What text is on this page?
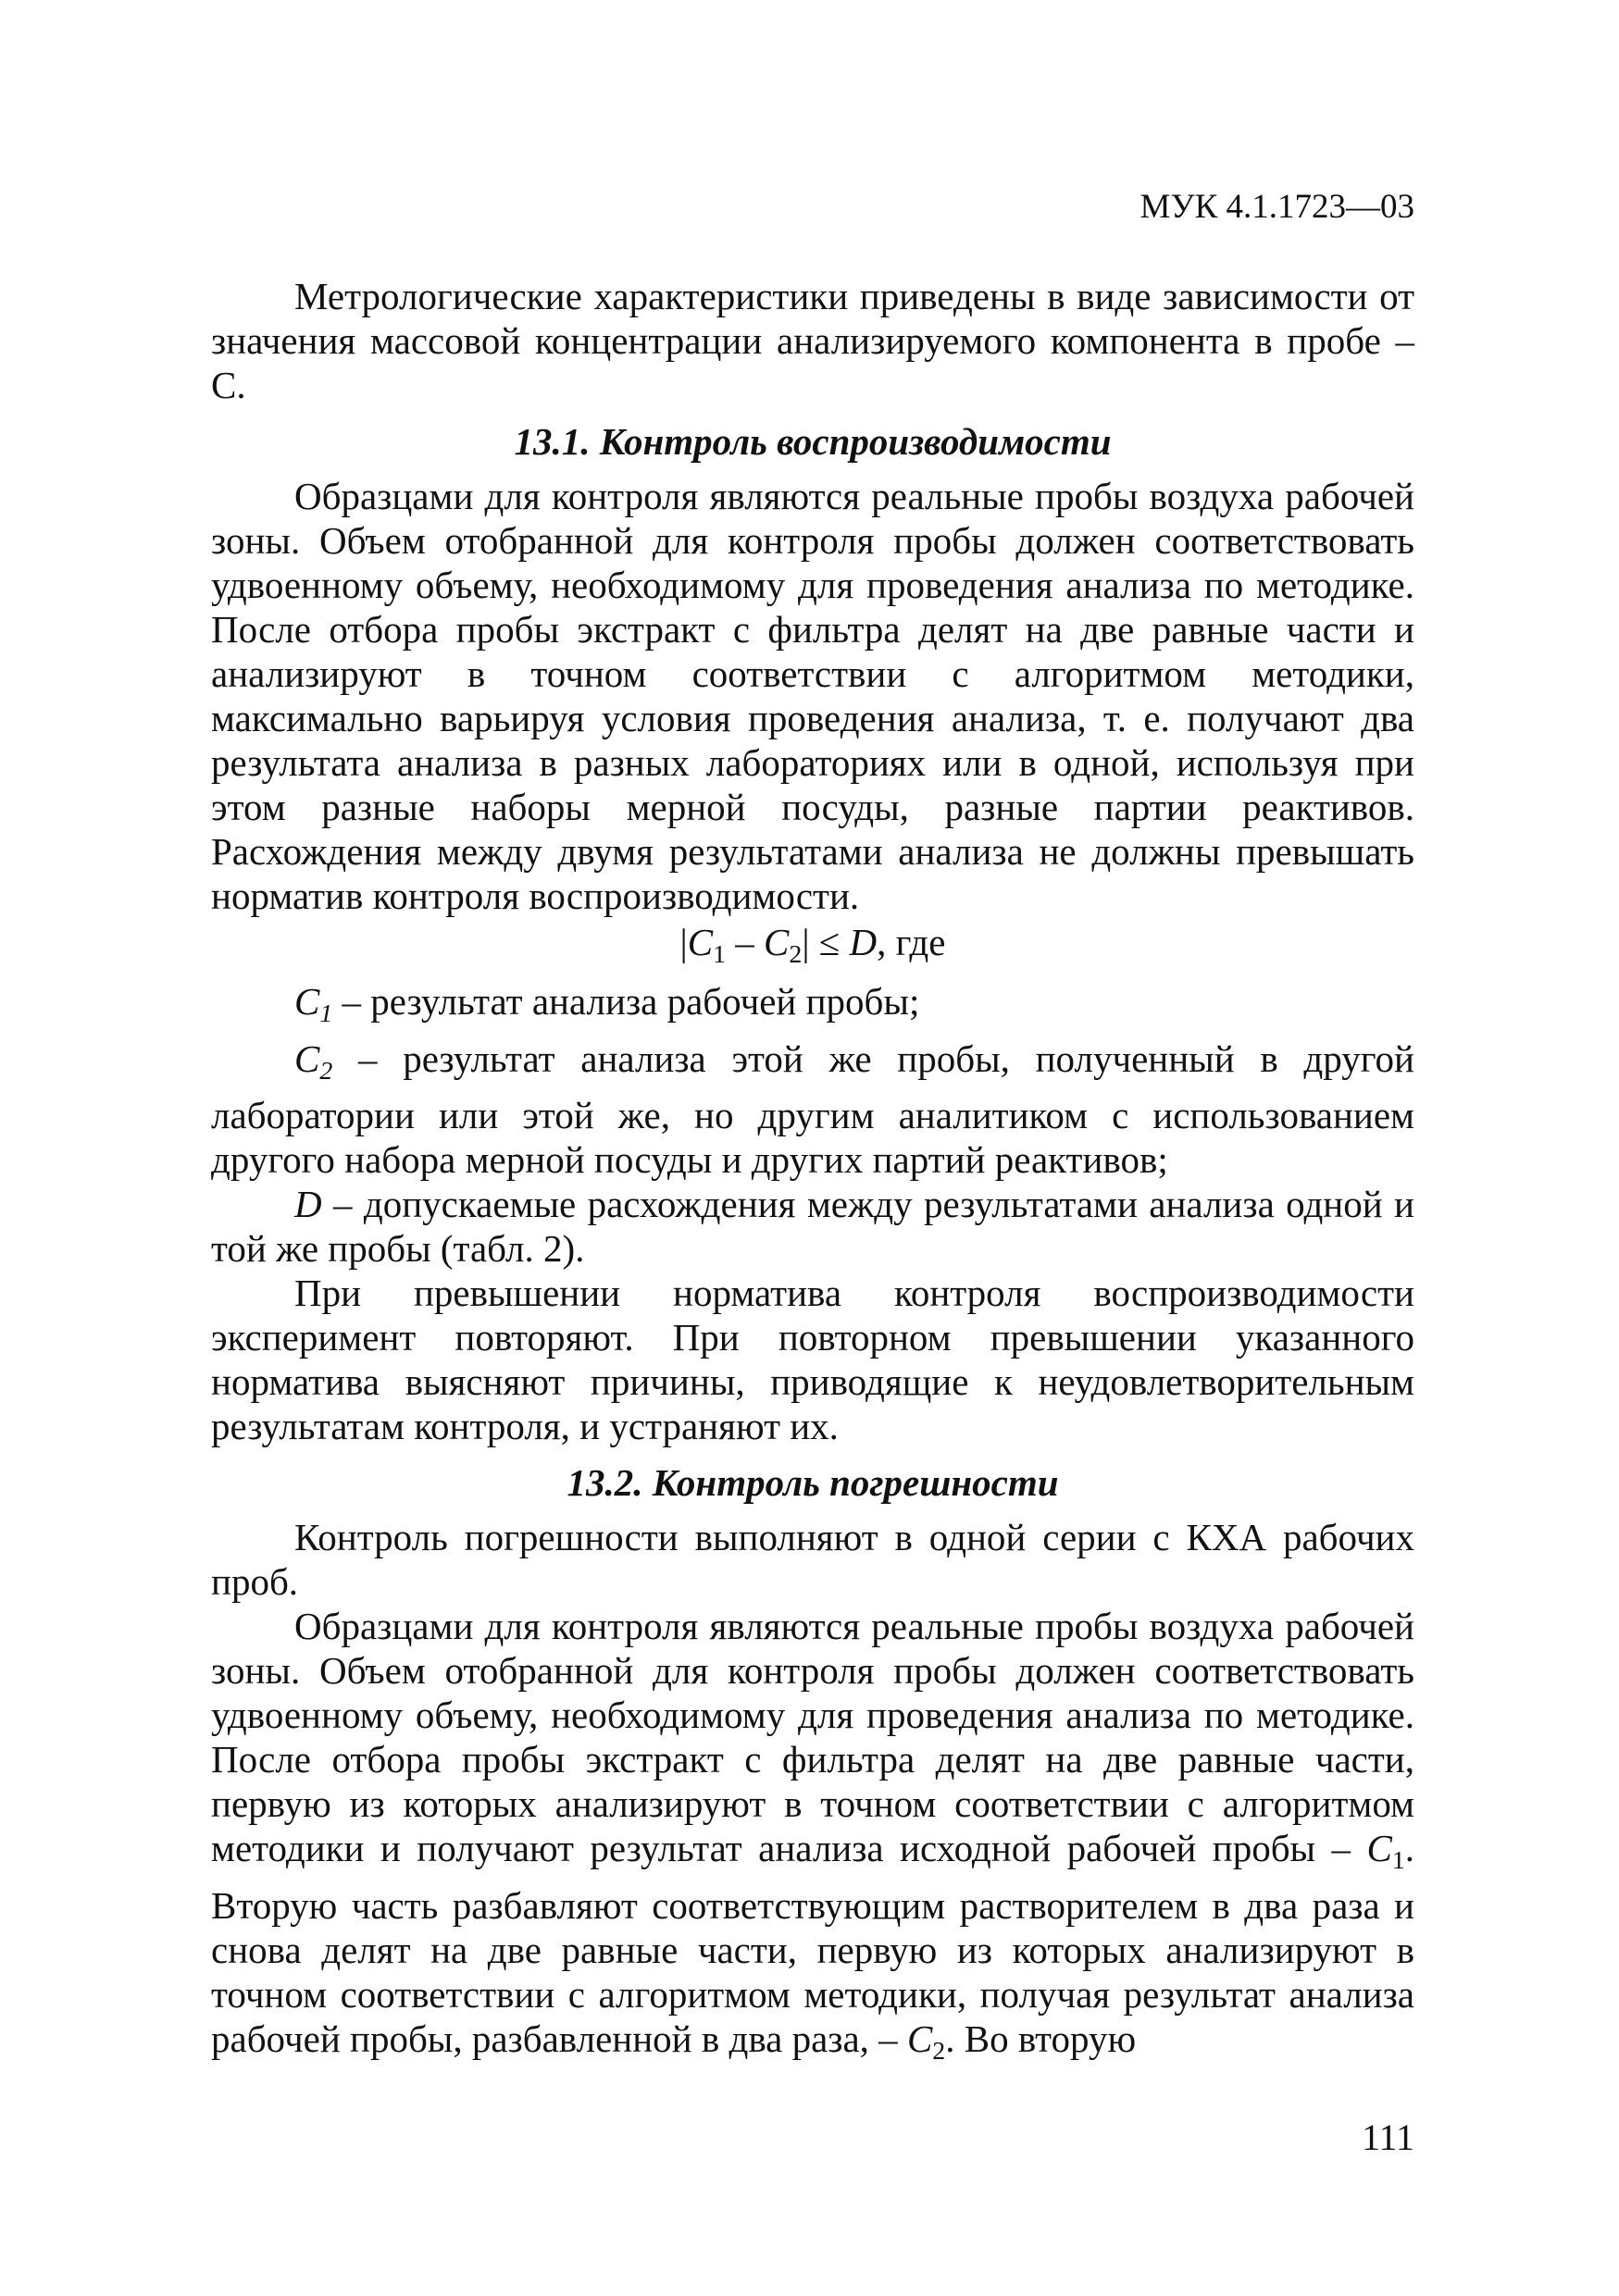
МУК 4.1.1723—03

Метрологические характеристики приведены в виде зависимости от значения массовой концентрации анализируемого компонента в пробе – С.

13.1. Контроль воспроизводимости

Образцами для контроля являются реальные пробы воздуха рабочей зоны. Объем отобранной для контроля пробы должен соответствовать удвоенному объему, необходимому для проведения анализа по методике. После отбора пробы экстракт с фильтра делят на две равные части и анализируют в точном соответствии с алгоритмом методики, максимально варьируя условия проведения анализа, т. е. получают два результата анализа в разных лабораториях или в одной, используя при этом разные наборы мерной посуды, разные партии реактивов. Расхождения между двумя результатами анализа не должны превышать норматив контроля воспроизводимости.

$|C_1 - C_2| \le D$, где

$C_1$ – результат анализа рабочей пробы;

$C_2$ – результат анализа этой же пробы, полученный в другой лаборатории или этой же, но другим аналитиком с использованием другого набора мерной посуды и других партий реактивов;

D – допускаемые расхождения между результатами анализа одной и той же пробы (табл. 2).

При превышении норматива контроля воспроизводимости эксперимент повторяют. При повторном превышении указанного норматива выясняют причины, приводящие к неудовлетворительным результатам контроля, и устраняют их.

13.2. Контроль погрешности

Контроль погрешности выполняют в одной серии с КХА рабочих проб.

Образцами для контроля являются реальные пробы воздуха рабочей зоны. Объем отобранной для контроля пробы должен соответствовать удвоенному объему, необходимому для проведения анализа по методике. После отбора пробы экстракт с фильтра делят на две равные части, первую из которых анализируют в точном соответствии с алгоритмом методики и получают результат анализа исходной рабочей пробы – $C_1$. Вторую часть разбавляют соответствующим растворителем в два раза и снова делят на две равные части, первую из которых анализируют в точном соответствии с алгоритмом методики, получая результат анализа рабочей пробы, разбавленной в два раза, – $C_2$. Во вторую

111
